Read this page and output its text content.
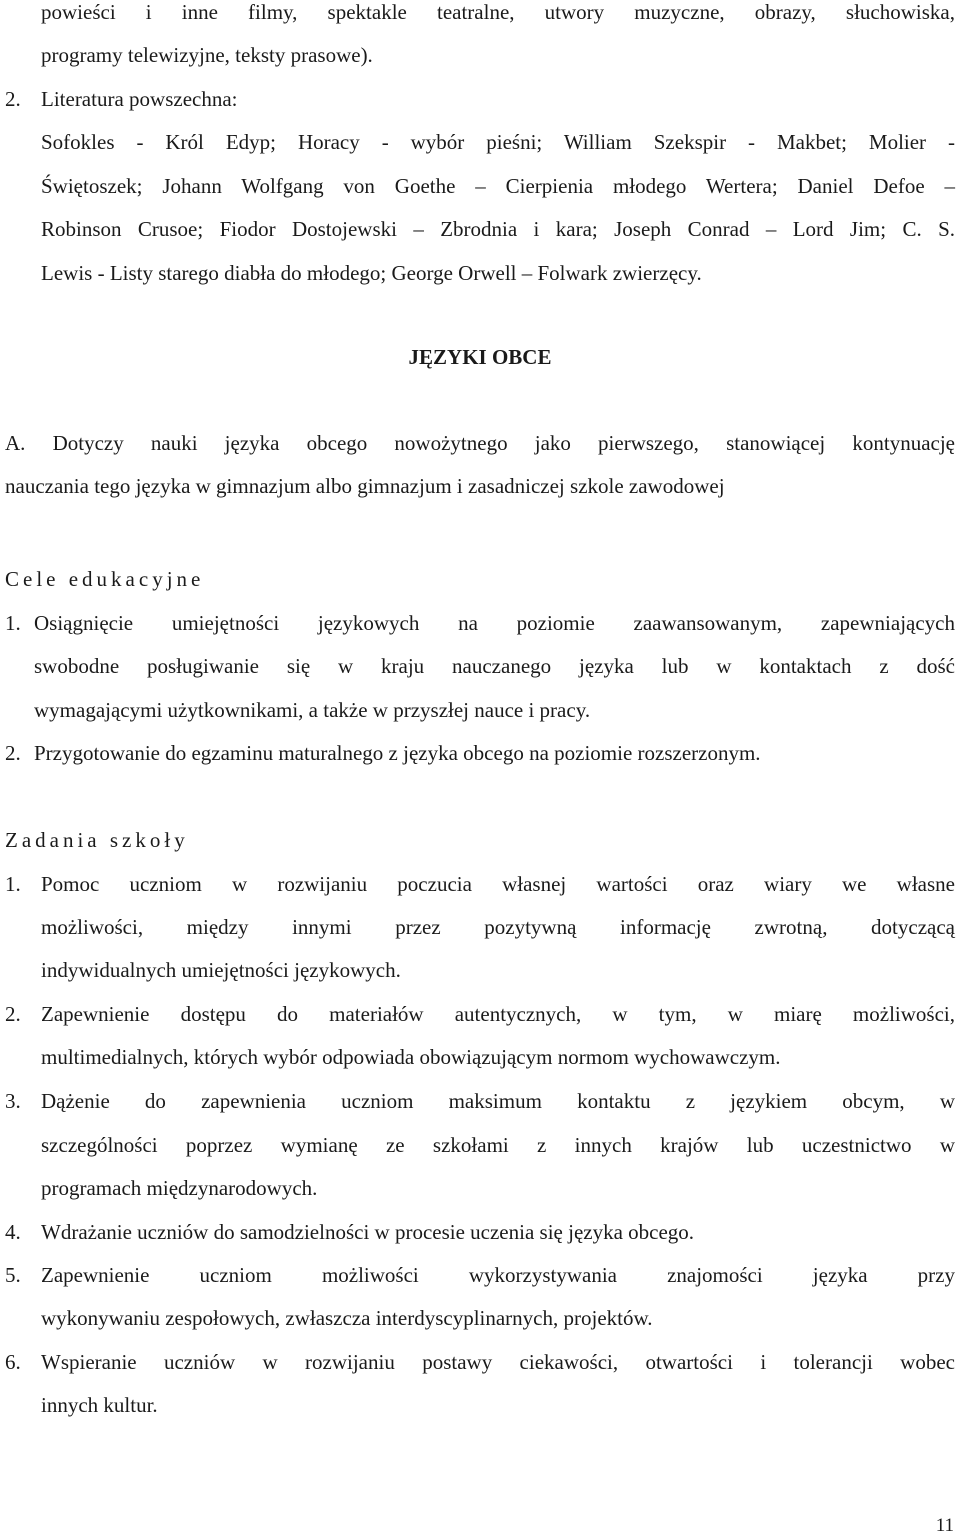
powieści i inne filmy, spektakle teatralne, utwory muzyczne, obrazy, słuchowiska,
programy telewizyjne, teksty prasowe).
2. Literatura powszechna:
Sofokles - Król Edyp; Horacy - wybór pieśni; William Szekspir - Makbet; Molier -
Świętoszek; Johann Wolfgang von Goethe – Cierpienia młodego Wertera; Daniel Defoe –
Robinson Crusoe; Fiodor Dostojewski – Zbrodnia i kara; Joseph Conrad – Lord Jim; C. S.
Lewis - Listy starego diabła do młodego; George Orwell – Folwark zwierzęcy.
JĘZYKI OBCE
A. Dotyczy nauki języka obcego nowożytnego jako pierwszego, stanowiącej kontynuację
nauczania tego języka w gimnazjum albo gimnazjum i zasadniczej szkole zawodowej
Cele edukacyjne
1. Osiągnięcie umiejętności językowych na poziomie zaawansowanym, zapewniających
swobodne posługiwanie się w kraju nauczanego języka lub w kontaktach z dość
wymagającymi użytkownikami, a także w przyszłej nauce i pracy.
2. Przygotowanie do egzaminu maturalnego z języka obcego na poziomie rozszerzonym.
Zadania szkoły
1. Pomoc uczniom w rozwijaniu poczucia własnej wartości oraz wiary we własne
możliwości, między innymi przez pozytywną informację zwrotną, dotyczącą
indywidualnych umiejętności językowych.
2. Zapewnienie dostępu do materiałów autentycznych, w tym, w miarę możliwości,
multimedialnych, których wybór odpowiada obowiązującym normom wychowawczym.
3. Dążenie do zapewnienia uczniom maksimum kontaktu z językiem obcym, w
szczególności poprzez wymianę ze szkołami z innych krajów lub uczestnictwo w
programach międzynarodowych.
4. Wdrażanie uczniów do samodzielności w procesie uczenia się języka obcego.
5. Zapewnienie uczniom możliwości wykorzystywania znajomości języka przy
wykonywaniu zespołowych, zwłaszcza interdyscyplinarnych, projektów.
6. Wspieranie uczniów w rozwijaniu postawy ciekawości, otwartości i tolerancji wobec
innych kultur.
11
